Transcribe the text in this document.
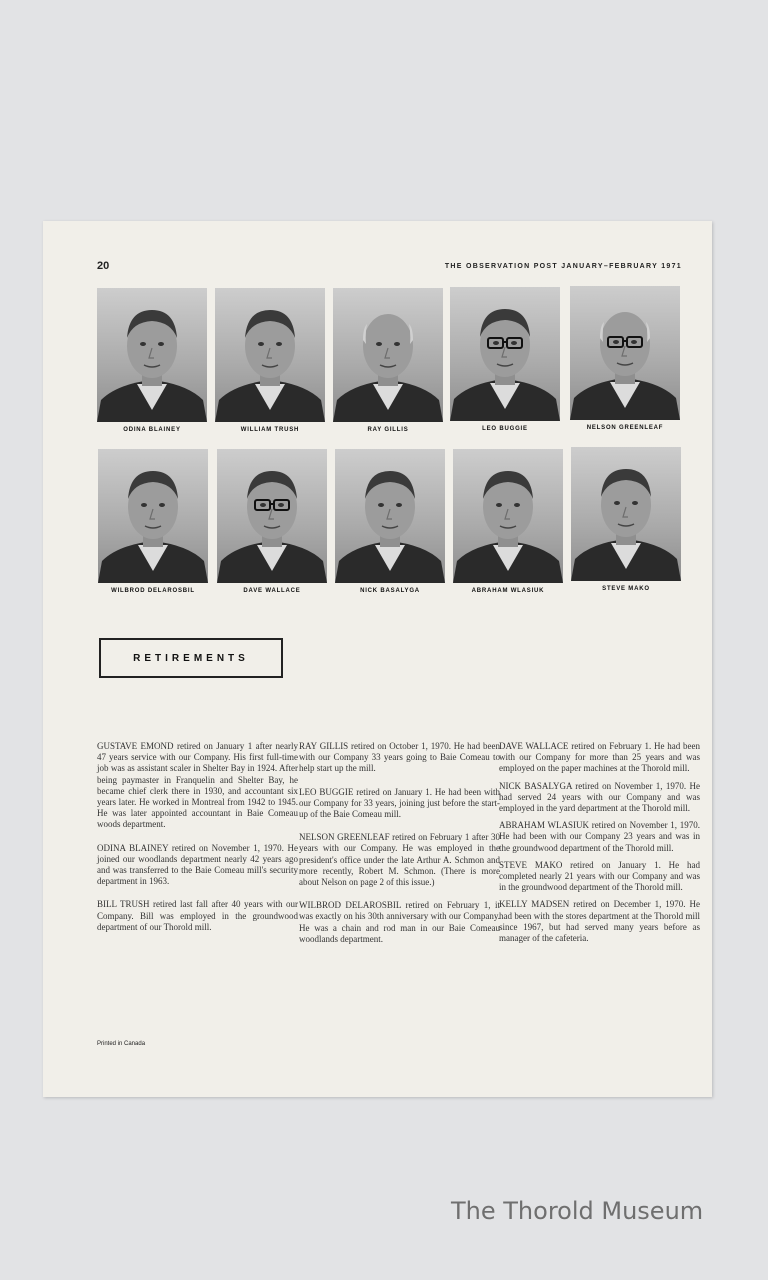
20	THE OBSERVATION POST JANUARY–FEBRUARY 1971
ODINA BLAINEY	WILLIAM TRUSH	RAY GILLIS	LEO BUGGIE	NELSON GREENLEAF
WILBROD DELAROSBIL	DAVE WALLACE	NICK BASALYGA	ABRAHAM WLASIUK	STEVE MAKO
RETIREMENTS

GUSTAVE EMOND retired on January 1 after nearly 47 years service with our Company. His first full-time job was as assistant scaler in Shelter Bay in 1924. After being paymaster in Franquelin and Shelter Bay, he became chief clerk there in 1930, and accountant six years later. He worked in Montreal from 1942 to 1945. He was later appointed accountant in Baie Comeau woods department.

ODINA BLAINEY retired on November 1, 1970. He joined our woodlands department nearly 42 years ago and was transferred to the Baie Comeau mill's security department in 1963.

BILL TRUSH retired last fall after 40 years with our Company. Bill was employed in the groundwood department of our Thorold mill.

RAY GILLIS retired on October 1, 1970. He had been with our Company 33 years going to Baie Comeau to help start up the mill.

LEO BUGGIE retired on January 1. He had been with our Company for 33 years, joining just before the start-up of the Baie Comeau mill.

NELSON GREENLEAF retired on February 1 after 30 years with our Company. He was employed in the president's office under the late Arthur A. Schmon and more recently, Robert M. Schmon. (There is more about Nelson on page 2 of this issue.)

WILBROD DELAROSBIL retired on February 1, it was exactly on his 30th anniversary with our Company. He was a chain and rod man in our Baie Comeau woodlands department.

DAVE WALLACE retired on February 1. He had been with our Company for more than 25 years and was employed on the paper machines at the Thorold mill.

NICK BASALYGA retired on November 1, 1970. He had served 24 years with our Company and was employed in the yard department at the Thorold mill.

ABRAHAM WLASIUK retired on November 1, 1970. He had been with our Company 23 years and was in the groundwood department of the Thorold mill.

STEVE MAKO retired on January 1. He had completed nearly 21 years with our Company and was in the groundwood department of the Thorold mill.

KELLY MADSEN retired on December 1, 1970. He had been with the stores department at the Thorold mill since 1967, but had served many years before as manager of the cafeteria.

Printed in Canada
The Thorold Museum
